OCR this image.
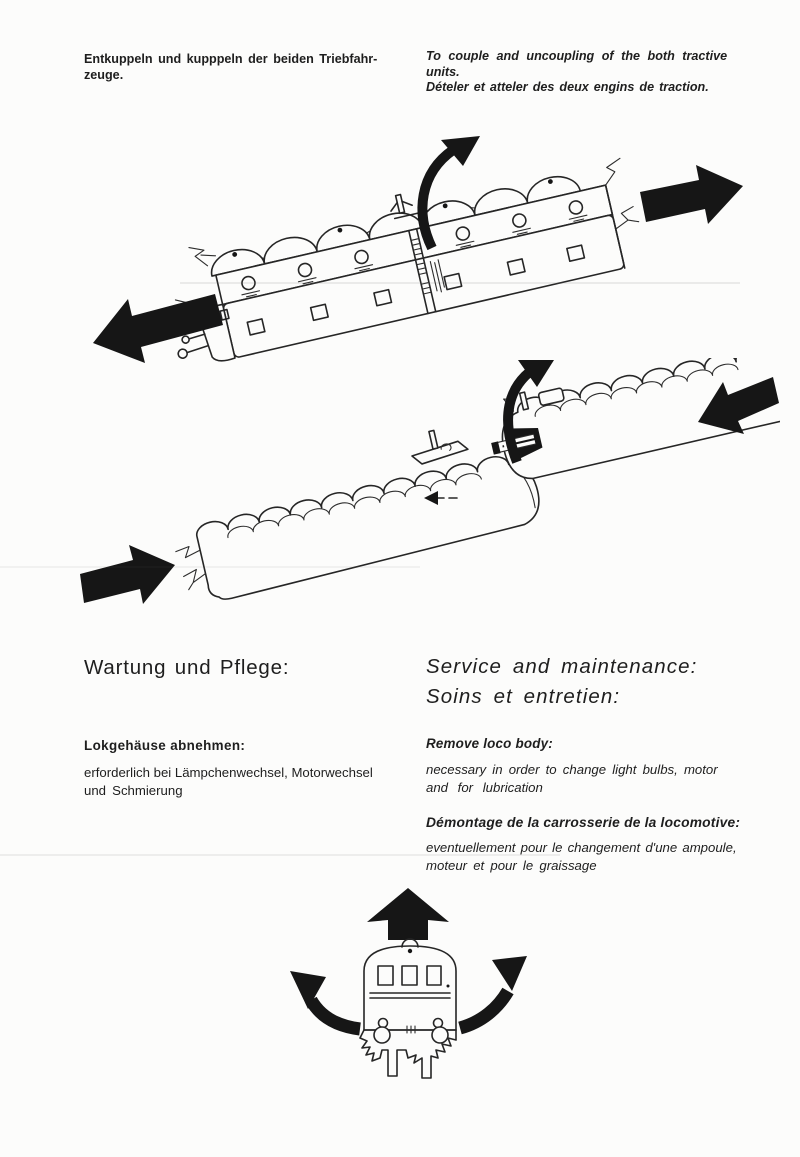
Entkuppeln und kupppeln der beiden Triebfahr-
zeuge.
To couple and uncoupling of the both tractive
units.
Dételer et atteler des deux engins de traction.
Wartung und Pflege:	Service and maintenance:
Soins et entretien:
Lokgehäuse abnehmen:
erforderlich bei Lämpchenwechsel, Motorwechsel
und Schmierung
Remove loco body:
necessary in order to change light bulbs, motor
and for lubrication
Démontage de la carrosserie de la locomotive:
eventuellement pour le changement d'une ampoule,
moteur et pour le graissage
